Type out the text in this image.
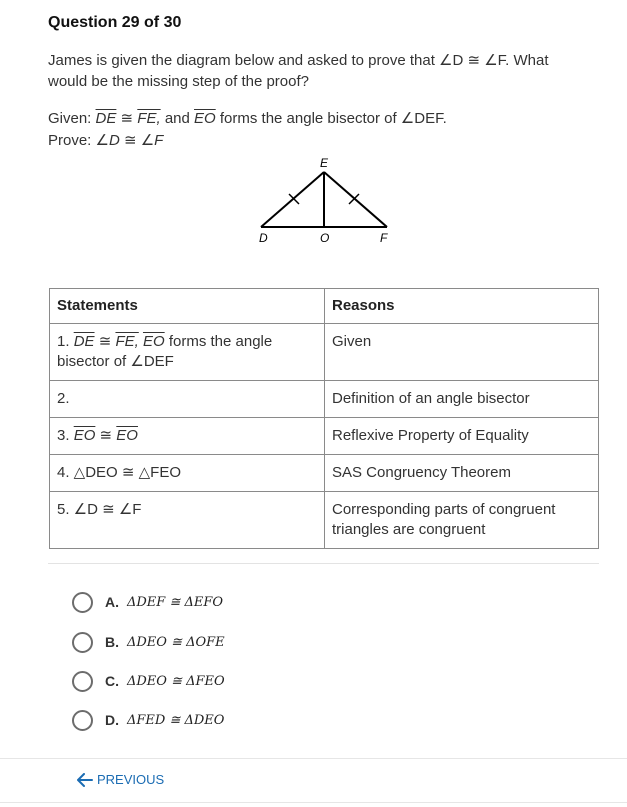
Question 29 of 30
James is given the diagram below and asked to prove that ∠D ≅ ∠F. What would be the missing step of the proof?
Given: $\overline{DE}$ ≅ FE, and $\overline{EO}$ forms the angle bisector of ∠DEF.
Prove: ∠D ≅ ∠F
E
D	O	F
Statements	Reasons
1. $\overline{DE}$ ≅ FE, $\overline{EO}$ forms the angle
bisector of ∠DEF	Given
2.	Definition of an angle bisector
3. $\overline{EO}$ ≅ $\overline{EO}$	Reflexive Property of Equality
4. △DEO ≅ △FEO	SAS Congruency Theorem
5. ∠D ≅ ∠F	Corresponding parts of congruent triangles are congruent
A. ΔDEF ≅ ΔEFO
B. ΔDEO ≅ ΔOFE
C. ΔDEO ≅ ΔFEO
D. ΔFED ≅ ΔDEO
PREVIOUS
